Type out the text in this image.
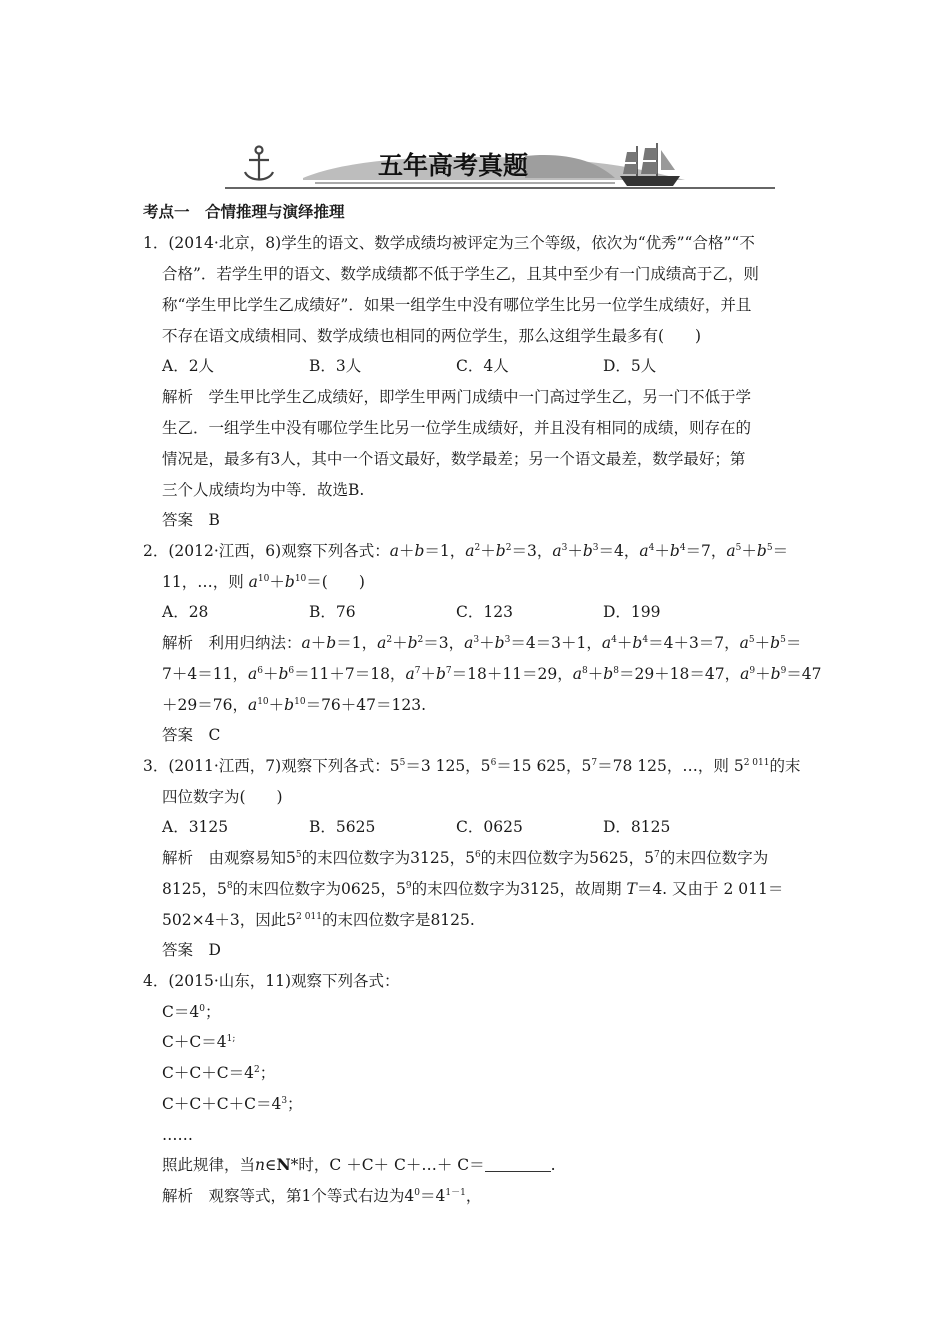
五年高考真题
考点一　合情推理与演绎推理
1．(2014·北京，8)学生的语文、数学成绩均被评定为三个等级，依次为“优秀”“合格”“不
合格”．若学生甲的语文、数学成绩都不低于学生乙，且其中至少有一门成绩高于乙，则
称“学生甲比学生乙成绩好”．如果一组学生中没有哪位学生比另一位学生成绩好，并且
不存在语文成绩相同、数学成绩也相同的两位学生，那么这组学生最多有(　　)
A．2人	B．3人	C．4人	D．5人
解析　学生甲比学生乙成绩好，即学生甲两门成绩中一门高过学生乙，另一门不低于学
生乙．一组学生中没有哪位学生比另一位学生成绩好，并且没有相同的成绩，则存在的
情况是，最多有3人，其中一个语文最好，数学最差；另一个语文最差，数学最好；第
三个人成绩均为中等．故选B.
答案　B
2．(2012·江西，6)观察下列各式：a＋b＝1，$a^2+b^2=3$，$a^3+b^3=4$，$a^4+b^4=7$，$a^5+b^5=$
11，…，则 $a^{10}+b^{10}=$(　　)
A．28	B．76	C．123	D．199
解析　利用归纳法：a＋b＝1，$a^2+b^2=3$，$a^3+b^3=4=3+1$，$a^4+b^4=4+3=7$，$a^5+b^5=$
7＋4＝11，$a^6+b^6=11+7=18$，$a^7+b^7=18+11=29$，$a^8+b^8=29+18=47$，$a^9+b^9=47$
＋29＝76，$a^{10}+b^{10}=76+47=123$.
答案　C
3．(2011·江西，7)观察下列各式：$5^5=3$ 125，$5^6=15$ 625，$5^7=78$ 125，…，则 $5^{2 011}$的末
四位数字为(　　)
A．3125	B．5625	C．0625	D．8125
解析　由观察易知$5^5$的末四位数字为3125，$5^6$的末四位数字为5625，$5^7$的末四位数字为
8125，$5^8$的末四位数字为0625，$5^9$的末四位数字为3125，故周期 T＝4. 又由于 2 011＝
502×4＋3，因此$5^{2 011}$的末四位数字是8125.
答案　D
4．(2015·山东，11)观察下列各式：
$C=4^0$；
$C+C=4^{1;}$
$C+C+C=4^2$；
$C+C+C+C=4^3$；
……
照此规律，当n∈N*时，C ＋C＋ C＋…＋ C＝	.
解析　观察等式，第1个等式右边为$4^0=4^{1-1}$，
